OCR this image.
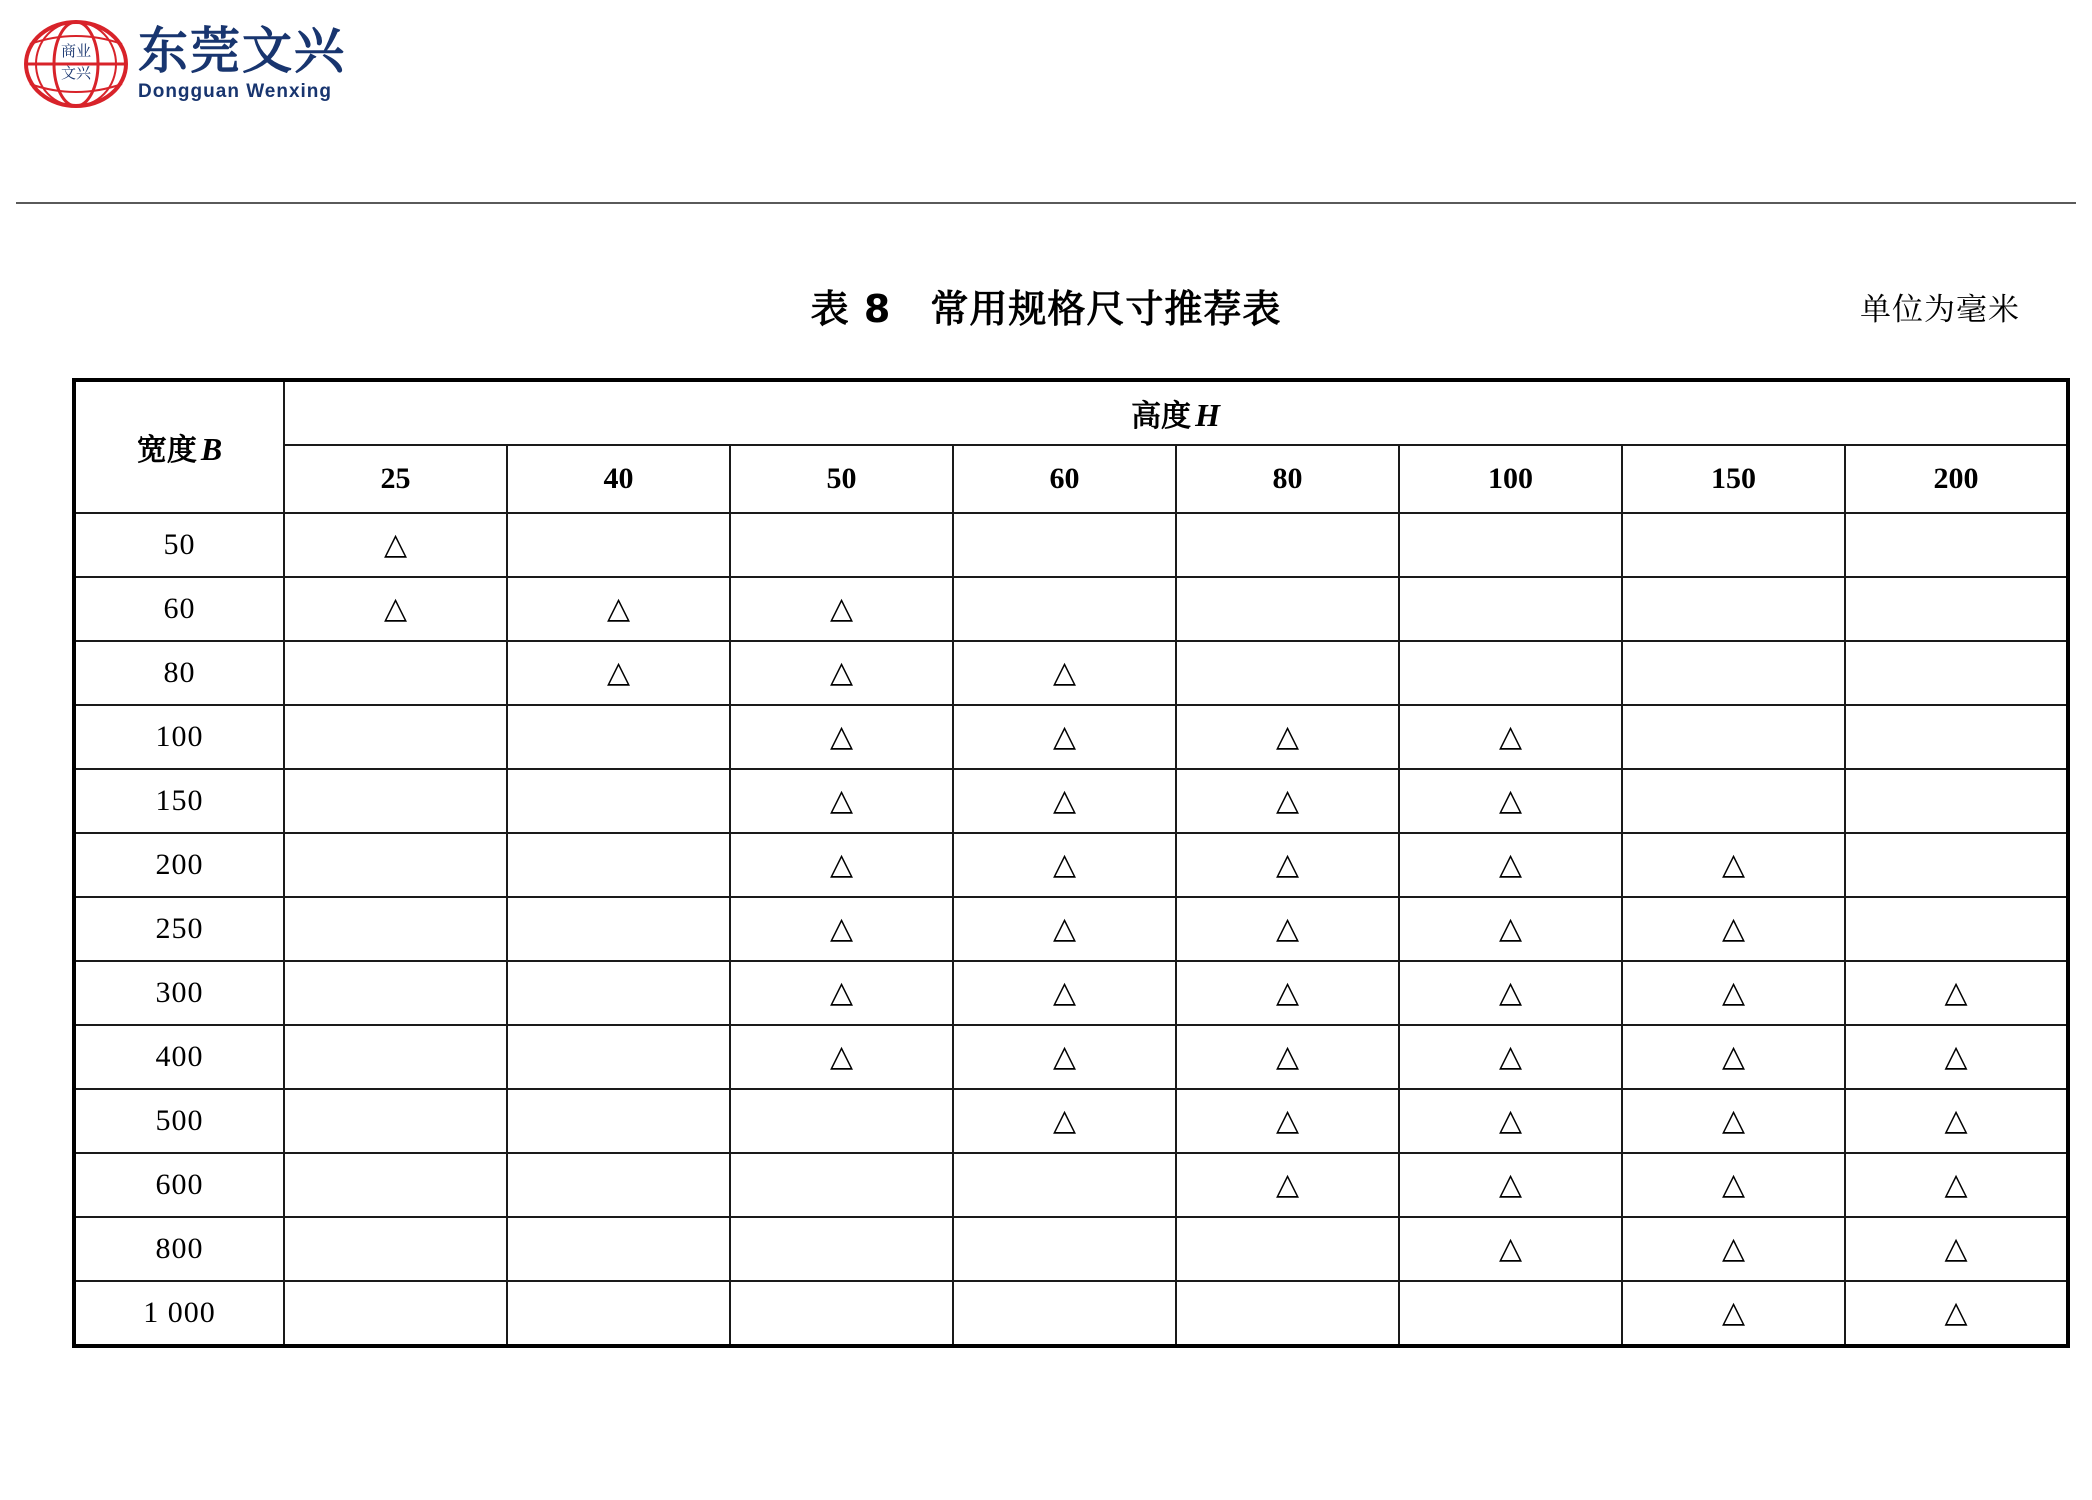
商业
文兴 东莞文兴
Dongguan Wenxing
表 8　常用规格尺寸推荐表	单位为毫米
宽度 B	高度 H							
	25	40	50	60	80	100	150	200
50	△							
60	△	△	△					
80		△	△	△				
100			△	△	△	△		
150			△	△	△	△		
200			△	△	△	△	△	
250			△	△	△	△	△	
300			△	△	△	△	△	△
400			△	△	△	△	△	△
500				△	△	△	△	△
600					△	△	△	△
800						△	△	△
1 000							△	△
